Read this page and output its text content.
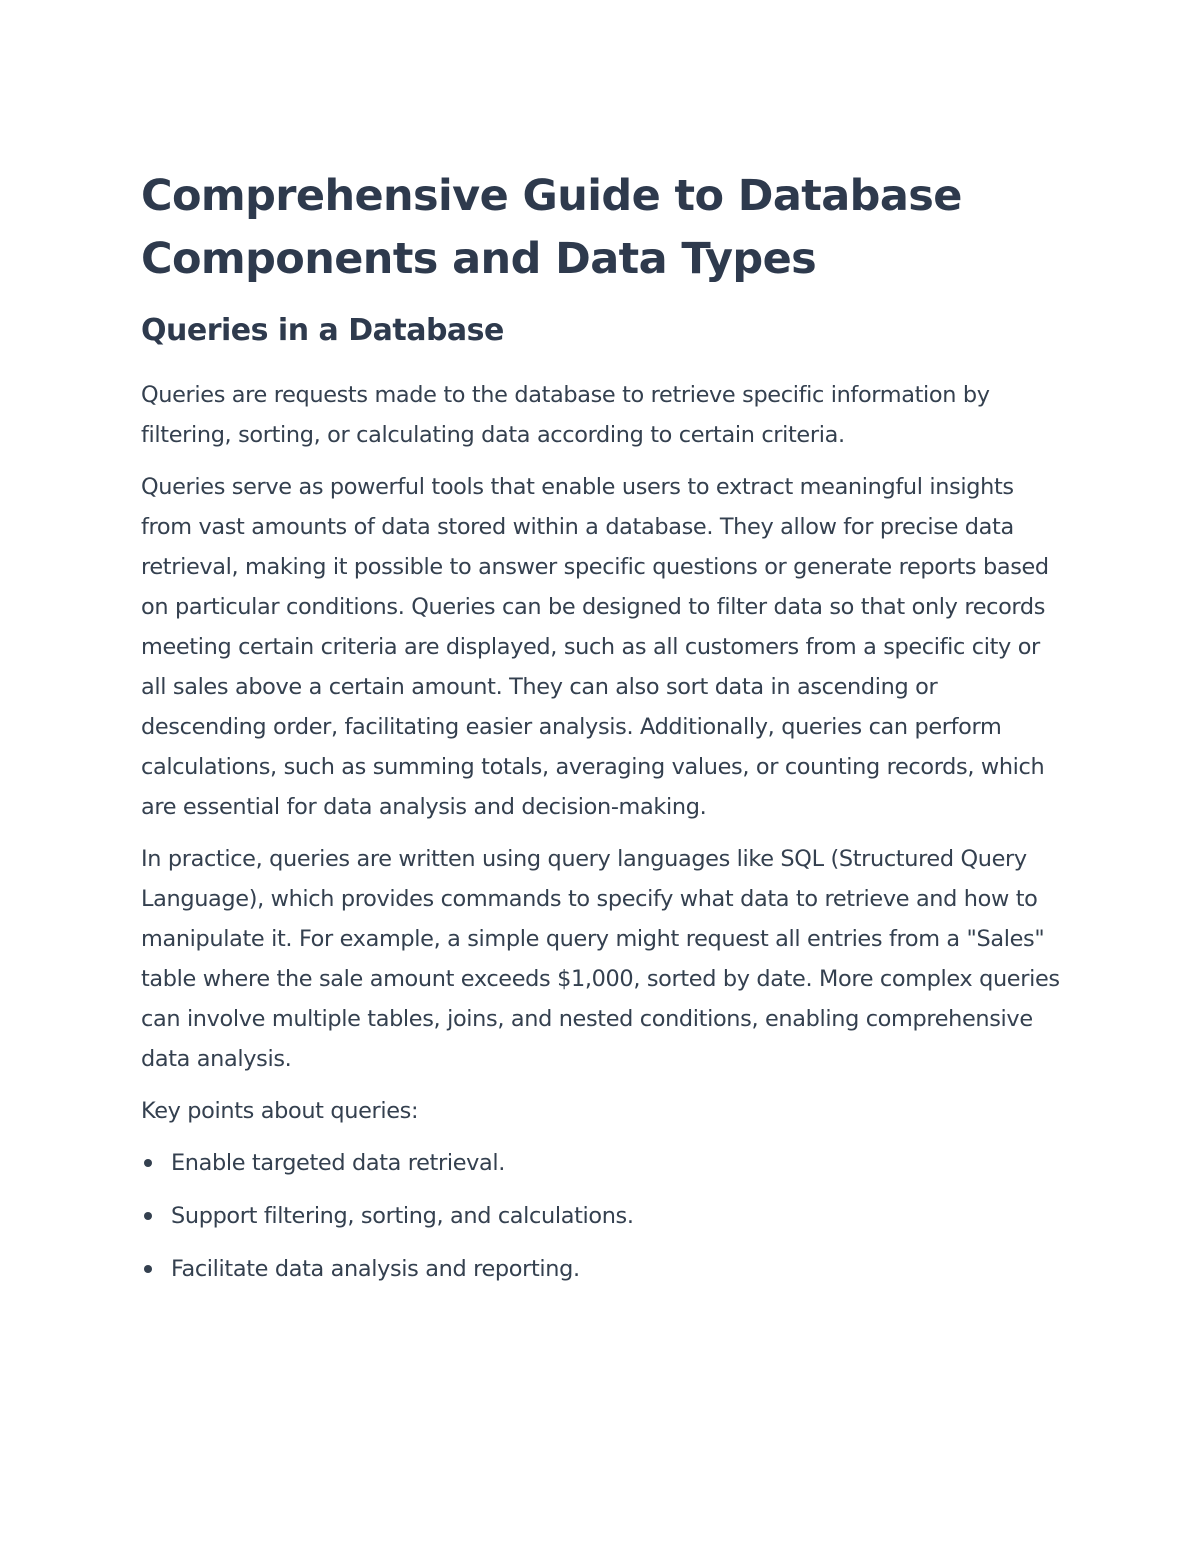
Comprehensive Guide to Database Components and Data Types
Queries in a Database

Queries are requests made to the database to retrieve specific information by filtering, sorting, or calculating data according to certain criteria.

Queries serve as powerful tools that enable users to extract meaningful insights from vast amounts of data stored within a database. They allow for precise data retrieval, making it possible to answer specific questions or generate reports based on particular conditions. Queries can be designed to filter data so that only records meeting certain criteria are displayed, such as all customers from a specific city or all sales above a certain amount. They can also sort data in ascending or descending order, facilitating easier analysis. Additionally, queries can perform calculations, such as summing totals, averaging values, or counting records, which are essential for data analysis and decision-making.

In practice, queries are written using query languages like SQL (Structured Query Language), which provides commands to specify what data to retrieve and how to manipulate it. For example, a simple query might request all entries from a "Sales" table where the sale amount exceeds $1,000, sorted by date. More complex queries can involve multiple tables, joins, and nested conditions, enabling comprehensive data analysis.

Key points about queries:

Enable targeted data retrieval.
Support filtering, sorting, and calculations.
Facilitate data analysis and reporting.
